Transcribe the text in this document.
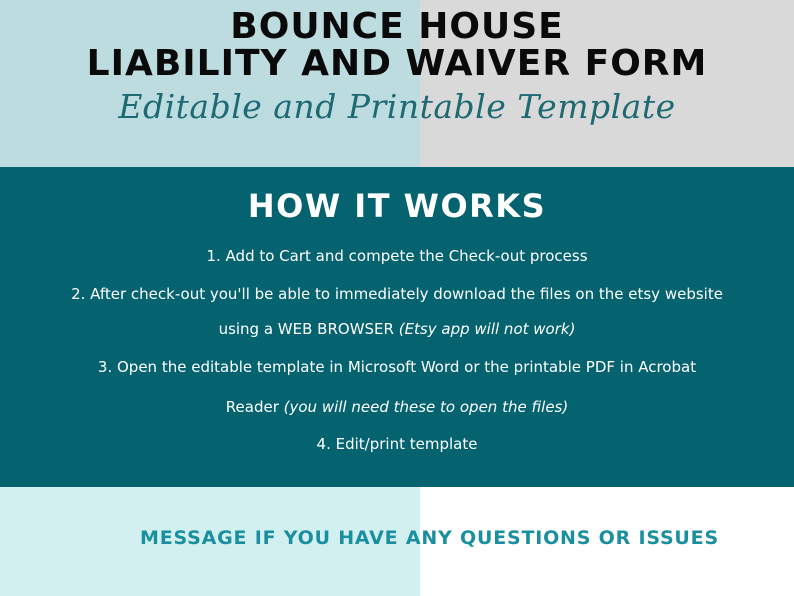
BOUNCE HOUSE
LIABILITY AND WAIVER FORM
Editable and Printable Template
HOW IT WORKS
1. Add to Cart and compete the Check-out process
2. After check-out you'll be able to immediately download the files on the etsy website
using a WEB BROWSER (Etsy app will not work)
3. Open the editable template in Microsoft Word or the printable PDF in Acrobat
Reader (you will need these to open the files)
4. Edit/print template
MESSAGE IF YOU HAVE ANY QUESTIONS OR ISSUES
